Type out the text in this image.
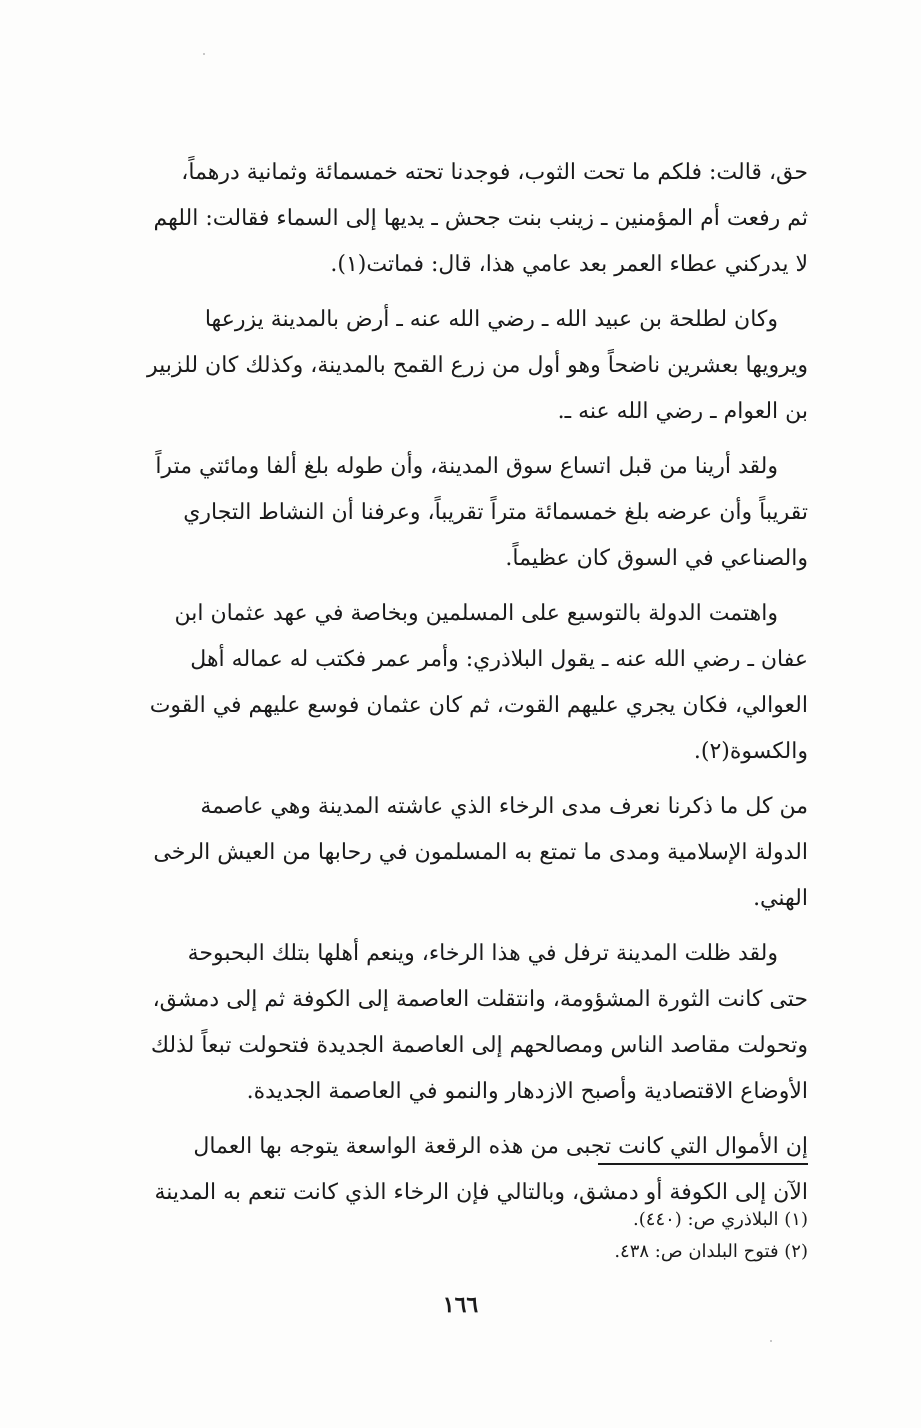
حق، قالت: فلكم ما تحت الثوب، فوجدنا تحته خمسمائة وثمانية درهماً،
ثم رفعت أم المؤمنين ـ زينب بنت جحش ـ يديها إلى السماء فقالت: اللهم
لا يدركني عطاء العمر بعد عامي هذا، قال: فماتت(١).
وكان لطلحة بن عبيد الله ـ رضي الله عنه ـ أرض بالمدينة يزرعها
ويرويها بعشرين ناضحاً وهو أول من زرع القمح بالمدينة، وكذلك كان للزبير
بن العوام ـ رضي الله عنه ـ.
ولقد أرينا من قبل اتساع سوق المدينة، وأن طوله بلغ ألفا ومائتي متراً
تقريباً وأن عرضه بلغ خمسمائة متراً تقريباً، وعرفنا أن النشاط التجاري
والصناعي في السوق كان عظيماً.
واهتمت الدولة بالتوسيع على المسلمين وبخاصة في عهد عثمان ابن
عفان ـ رضي الله عنه ـ يقول البلاذري: وأمر عمر فكتب له عماله أهل
العوالي، فكان يجري عليهم القوت، ثم كان عثمان فوسع عليهم في القوت
والكسوة(٢).
من كل ما ذكرنا نعرف مدى الرخاء الذي عاشته المدينة وهي عاصمة
الدولة الإسلامية ومدى ما تمتع به المسلمون في رحابها من العيش الرخى
الهني.
ولقد ظلت المدينة ترفل في هذا الرخاء، وينعم أهلها بتلك البحبوحة
حتى كانت الثورة المشؤومة، وانتقلت العاصمة إلى الكوفة ثم إلى دمشق،
وتحولت مقاصد الناس ومصالحهم إلى العاصمة الجديدة فتحولت تبعاً لذلك
الأوضاع الاقتصادية وأصبح الازدهار والنمو في العاصمة الجديدة.
إن الأموال التي كانت تجبى من هذه الرقعة الواسعة يتوجه بها العمال
الآن إلى الكوفة أو دمشق، وبالتالي فإن الرخاء الذي كانت تنعم به المدينة
(١) البلاذري ص: (٤٤٠).
(٢) فتوح البلدان ص: ٤٣٨.
١٦٦
